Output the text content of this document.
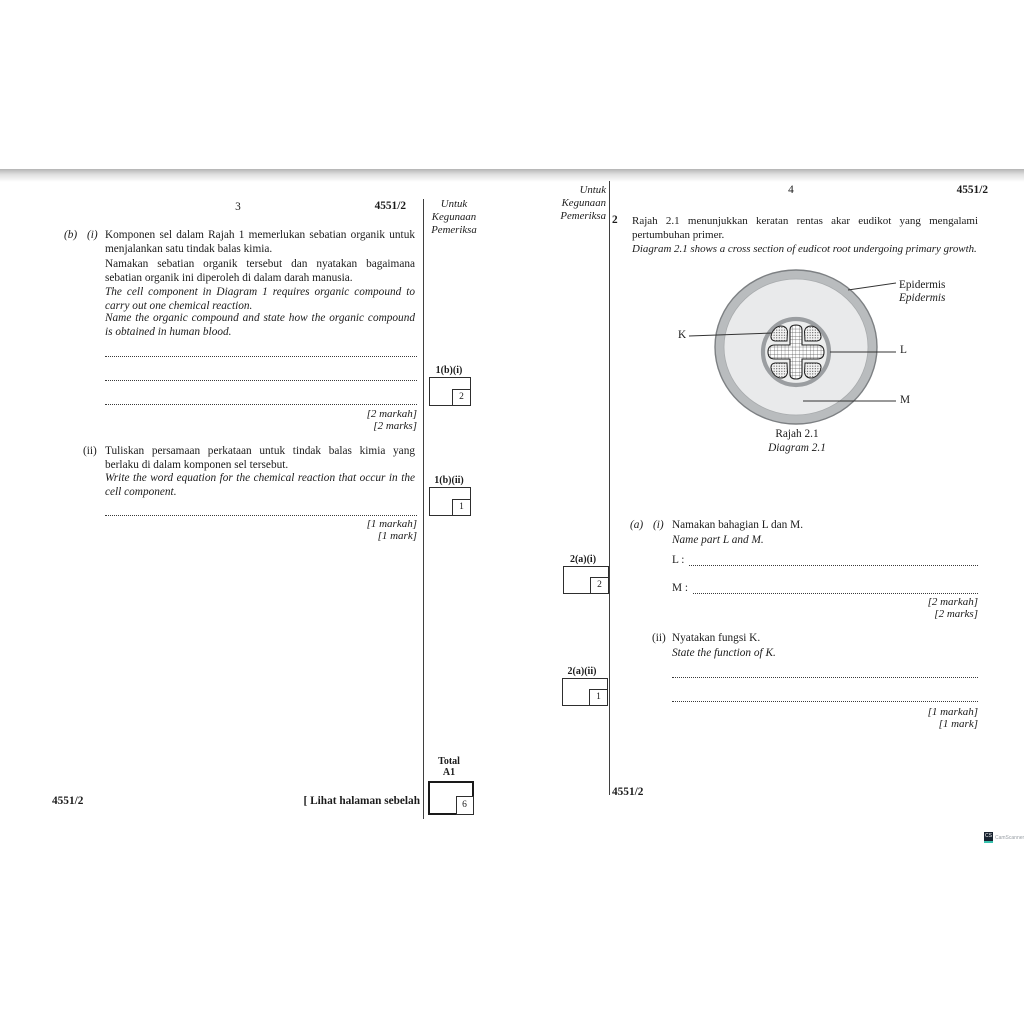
3	4551/2	Untuk
Kegunaan
Pemeriksa
(b) (i) Komponen sel dalam Rajah 1 memerlukan sebatian organik untuk menjalankan satu tindak balas kimia.
Namakan sebatian organik tersebut dan nyatakan bagaimana sebatian organik ini diperoleh di dalam darah manusia.
The cell component in Diagram 1 requires organic compound to carry out one chemical reaction.
Name the organic compound and state how the organic compound is obtained in human blood.
[2 markah]
[2 marks]
(ii) Tuliskan persamaan perkataan untuk tindak balas kimia yang berlaku di dalam komponen sel tersebut.
Write the word equation for the chemical reaction that occur in the cell component.
[1 markah]
[1 mark]
1(b)(i)
2
1(b)(ii)
1
Total
A1
6
4551/2	[ Lihat halaman sebelah
Untuk
Kegunaan
Pemeriksa
4	4551/2
2 Rajah 2.1 menunjukkan keratan rentas akar eudikot yang mengalami pertumbuhan primer.
Diagram 2.1 shows a cross section of eudicot root undergoing primary growth.
Epidermis
Epidermis
K
L
M
Rajah 2.1
Diagram 2.1
(a) (i) Namakan bahagian L dan M.
Name part L and M.
L :
M :
[2 markah]
[2 marks]
(ii) Nyatakan fungsi K.
State the function of K.
[1 markah]
[1 mark]
2(a)(i)
2
2(a)(ii)
1
4551/2
CS CamScanner
